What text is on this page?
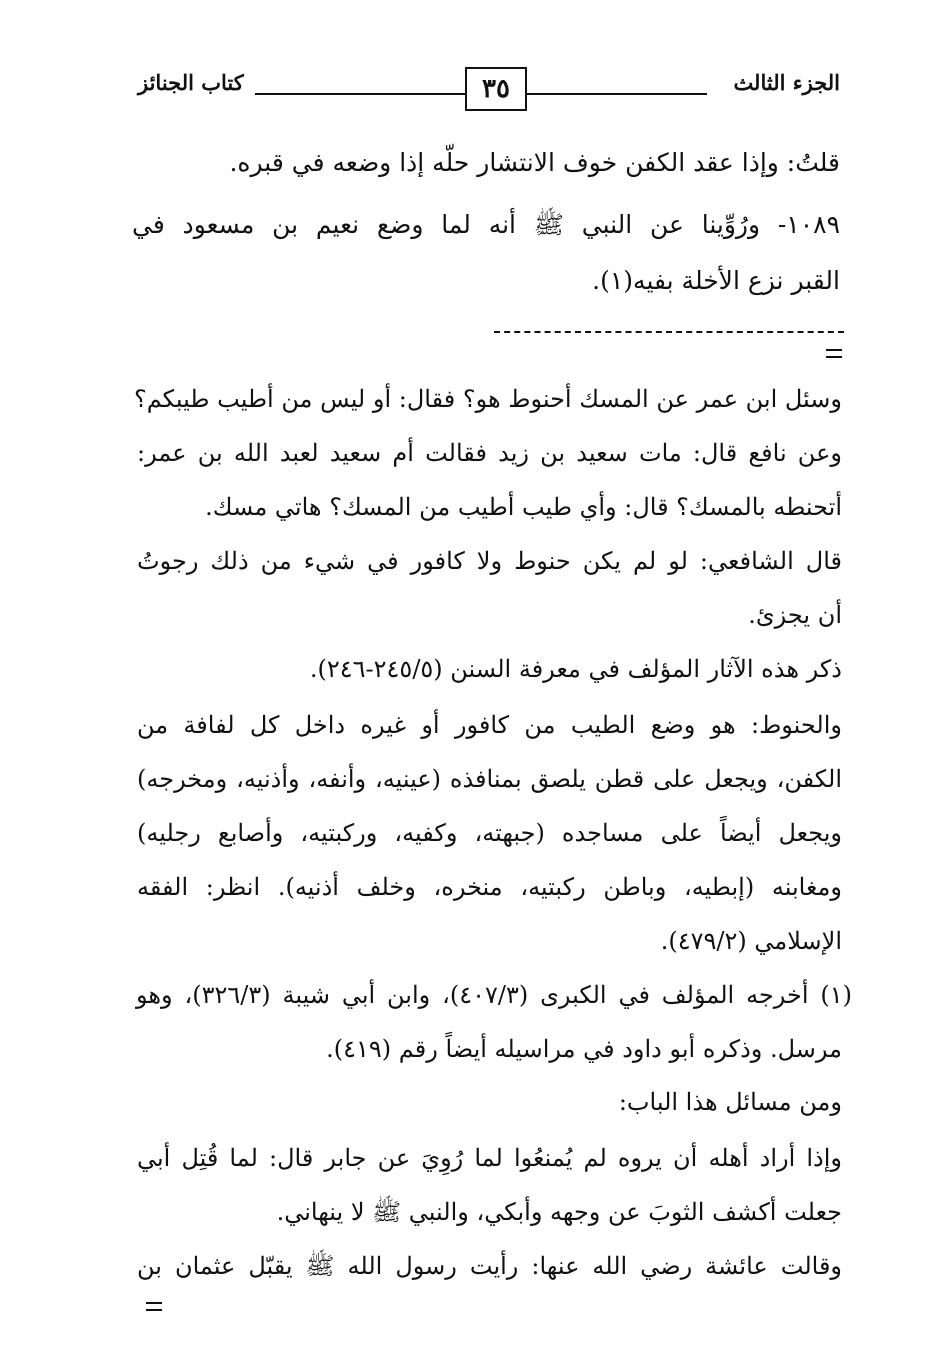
الجزء الثالث
٣٥
كتاب الجنائز
قلتُ: وإذا عقد الكفن خوف الانتشار حلّه إذا وضعه في قبره.
١٠٨٩- ورُوِّينا عن النبي ﷺ أنه لما وضع نعيم بن مسعود في
القبر نزع الأخلة بفيه(١).
وسئل ابن عمر عن المسك أحنوط هو؟ فقال: أو ليس من أطيب طيبكم؟
وعن نافع قال: مات سعيد بن زيد فقالت أم سعيد لعبد الله بن عمر:
أتحنطه بالمسك؟ قال: وأي طيب أطيب من المسك؟ هاتي مسك.
قال الشافعي: لو لم يكن حنوط ولا كافور في شيء من ذلك رجوتُ
أن يجزئ.
ذكر هذه الآثار المؤلف في معرفة السنن (٢٤٥/٥-٢٤٦).
والحنوط: هو وضع الطيب من كافور أو غيره داخل كل لفافة من
الكفن، ويجعل على قطن يلصق بمنافذه (عينيه، وأنفه، وأذنيه، ومخرجه)
ويجعل أيضاً على مساجده (جبهته، وكفيه، وركبتيه، وأصابع رجليه)
ومغابنه (إبطيه، وباطن ركبتيه، منخره، وخلف أذنيه). انظر: الفقه
الإسلامي (٤٧٩/٢).
(١) أخرجه المؤلف في الكبرى (٤٠٧/٣)، وابن أبي شيبة (٣٢٦/٣)، وهو
مرسل. وذكره أبو داود في مراسيله أيضاً رقم (٤١٩).
ومن مسائل هذا الباب:
وإذا أراد أهله أن يروه لم يُمنعُوا لما رُوِيَ عن جابر قال: لما قُتِل أبي
جعلت أكشف الثوبَ عن وجهه وأبكي، والنبي ﷺ لا ينهاني.
وقالت عائشة رضي الله عنها: رأيت رسول الله ﷺ يقبّل عثمان بن
